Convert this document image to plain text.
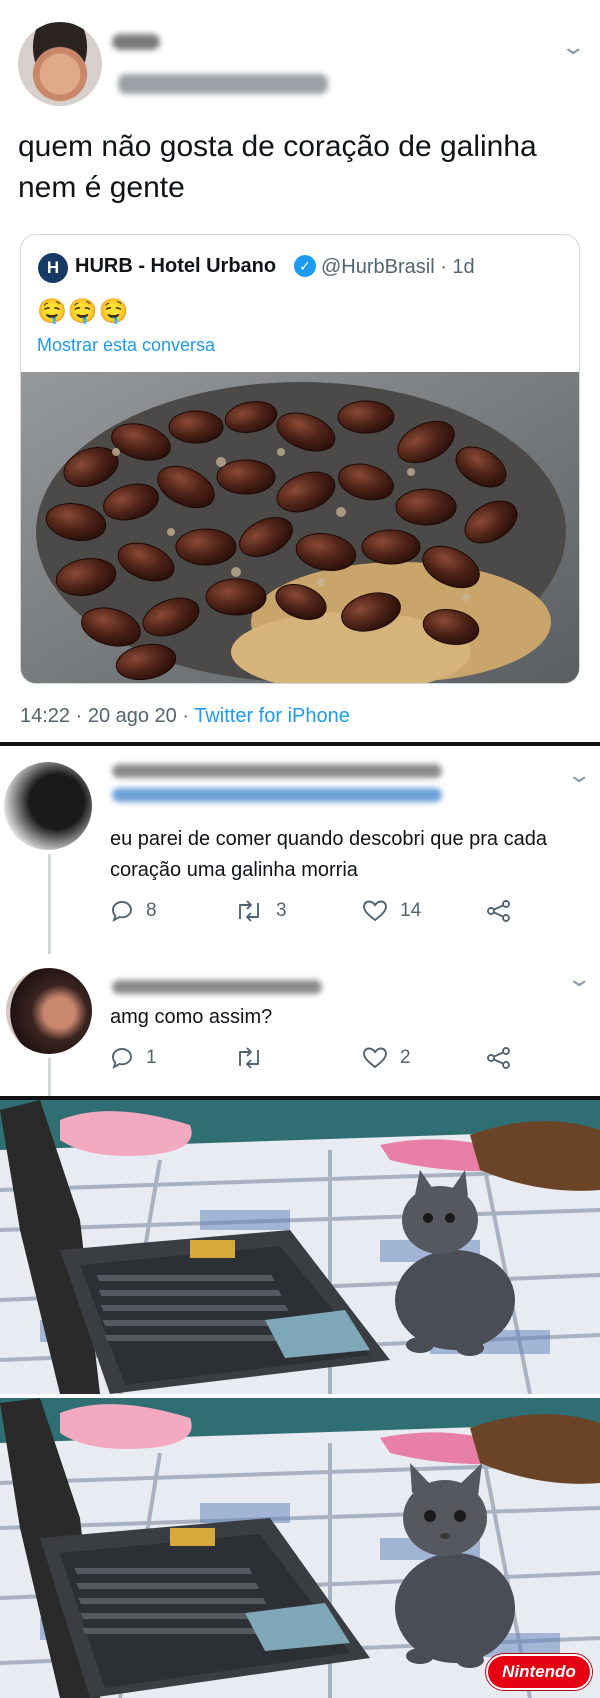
⌄
quem não gosta de coração de galinha nem é gente
H HURB - Hotel Urbano	✓ @HurbBrasil · 1d
🤤🤤🤤
Mostrar esta conversa
14:22 · 20 ago 20 · Twitter for iPhone
⌄
eu parei de comer quando descobri que pra cada coração uma galinha morria
8	3	14
⌄
amg como assim?
1	2
Nintendo
